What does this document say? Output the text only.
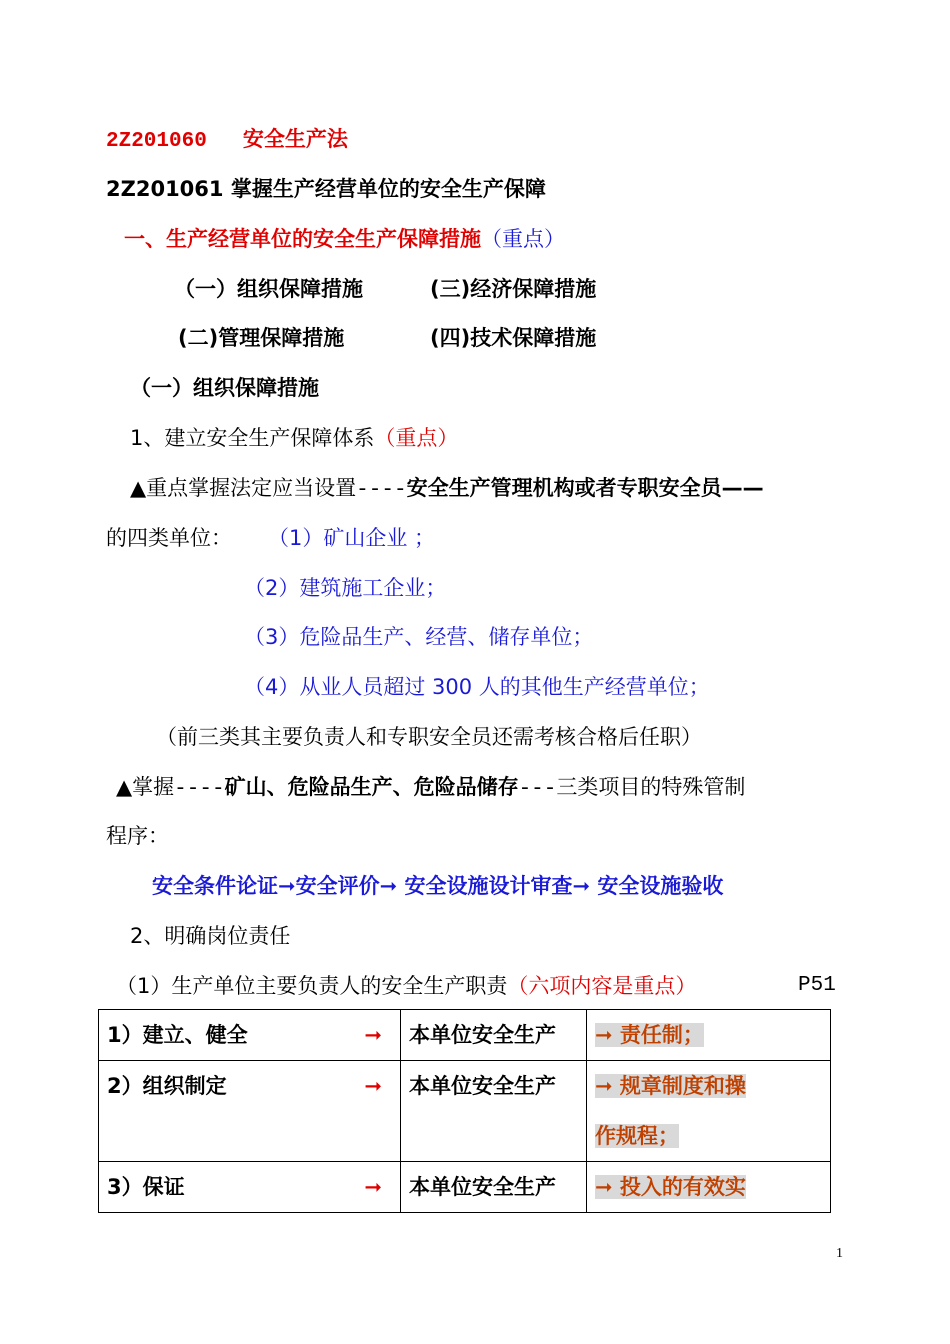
2Z201060 安全生产法
2Z201061 掌握生产经营单位的安全生产保障
一、生产经营单位的安全生产保障措施（重点）
（一）组织保障措施	(三)经济保障措施
(二)管理保障措施	(四)技术保障措施
（一）组织保障措施
1、建立安全生产保障体系（重点）
▲重点掌握法定应当设置----安全生产管理机构或者专职安全员——
的四类单位： （1）矿山企业 ；
（2）建筑施工企业；
（3）危险品生产、经营、储存单位；
（4）从业人员超过 300 人的其他生产经营单位；
（前三类其主要负责人和专职安全员还需考核合格后任职）
▲掌握----矿山、危险品生产、危险品储存---三类项目的特殊管制
程序：
安全条件论证➞安全评价➞ 安全设施设计审查➞ 安全设施验收
2、明确岗位责任
（1）生产单位主要负责人的安全生产职责（六项内容是重点）	P51
1）建立、健全 ➞	本单位安全生产	➞ 责任制；
2）组织制定 ➞	本单位安全生产	➞ 规章制度和操
作规程；
3）保证 ➞	本单位安全生产	➞ 投入的有效实
1
